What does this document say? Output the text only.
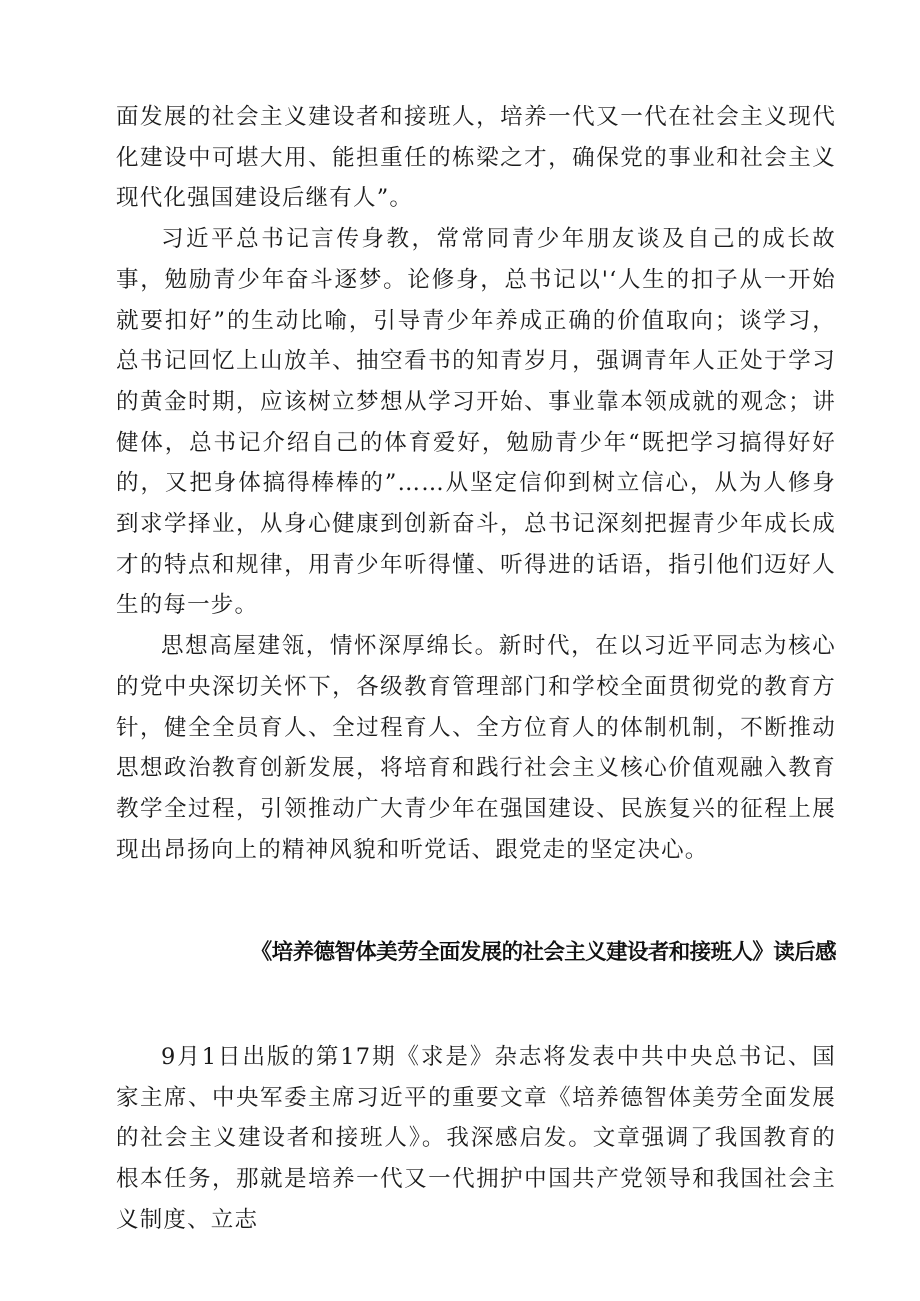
面发展的社会主义建设者和接班人，培养一代又一代在社会主义现代化建设中可堪大用、能担重任的栋梁之才，确保党的事业和社会主义现代化强国建设后继有人”。

习近平总书记言传身教，常常同青少年朋友谈及自己的成长故事，勉励青少年奋斗逐梦。论修身，总书记以'‘人生的扣子从一开始就要扣好”的生动比喻，引导青少年养成正确的价值取向；谈学习，总书记回忆上山放羊、抽空看书的知青岁月，强调青年人正处于学习的黄金时期，应该树立梦想从学习开始、事业靠本领成就的观念；讲健体，总书记介绍自己的体育爱好，勉励青少年“既把学习搞得好好的，又把身体搞得棒棒的”……从坚定信仰到树立信心，从为人修身到求学择业，从身心健康到创新奋斗，总书记深刻把握青少年成长成才的特点和规律，用青少年听得懂、听得进的话语，指引他们迈好人生的每一步。

思想高屋建瓴，情怀深厚绵长。新时代，在以习近平同志为核心的党中央深切关怀下，各级教育管理部门和学校全面贯彻党的教育方针，健全全员育人、全过程育人、全方位育人的体制机制，不断推动思想政治教育创新发展，将培育和践行社会主义核心价值观融入教育教学全过程，引领推动广大青少年在强国建设、民族复兴的征程上展现出昂扬向上的精神风貌和听党话、跟党走的坚定决心。

《培养德智体美劳全面发展的社会主义建设者和接班人》读后感

9月1日出版的第17期《求是》杂志将发表中共中央总书记、国家主席、中央军委主席习近平的重要文章《培养德智体美劳全面发展的社会主义建设者和接班人》。我深感启发。文章强调了我国教育的根本任务，那就是培养一代又一代拥护中国共产党领导和我国社会主义制度、立志
